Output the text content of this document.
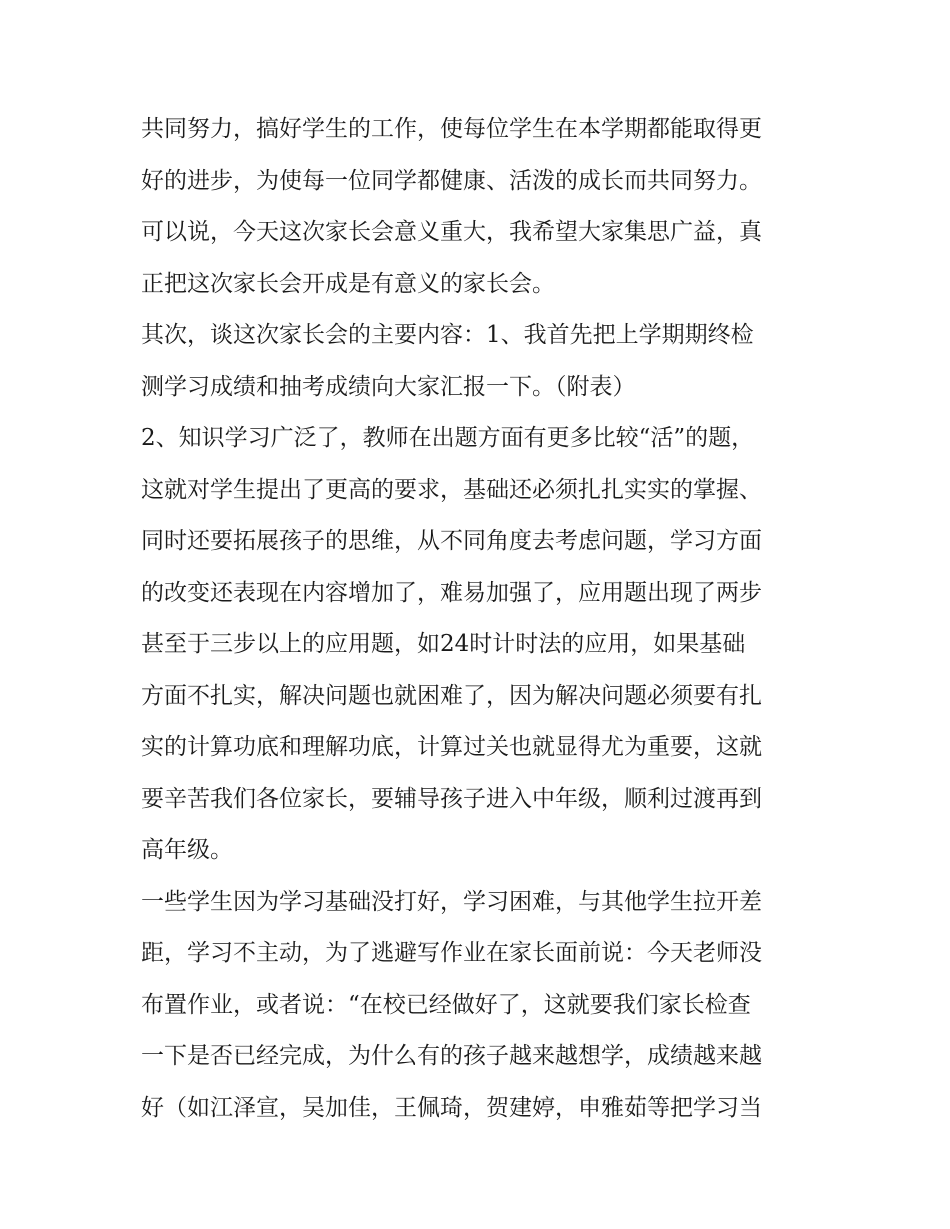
共同努力，搞好学生的工作，使每位学生在本学期都能取得更
好的进步，为使每一位同学都健康、活泼的成长而共同努力。
可以说，今天这次家长会意义重大，我希望大家集思广益，真
正把这次家长会开成是有意义的家长会。
其次，谈这次家长会的主要内容：1、我首先把上学期期终检
测学习成绩和抽考成绩向大家汇报一下。（附表）
2、知识学习广泛了，教师在出题方面有更多比较“活”的题，
这就对学生提出了更高的要求，基础还必须扎扎实实的掌握、
同时还要拓展孩子的思维，从不同角度去考虑问题，学习方面
的改变还表现在内容增加了，难易加强了，应用题出现了两步
甚至于三步以上的应用题，如24时计时法的应用，如果基础
方面不扎实，解决问题也就困难了，因为解决问题必须要有扎
实的计算功底和理解功底，计算过关也就显得尤为重要，这就
要辛苦我们各位家长，要辅导孩子进入中年级，顺利过渡再到
高年级。
一些学生因为学习基础没打好，学习困难，与其他学生拉开差
距，学习不主动，为了逃避写作业在家长面前说：今天老师没
布置作业，或者说：“在校已经做好了，这就要我们家长检查
一下是否已经完成，为什么有的孩子越来越想学，成绩越来越
好（如江泽宣，吴加佳，王佩琦，贺建婷，申雅茹等把学习当
